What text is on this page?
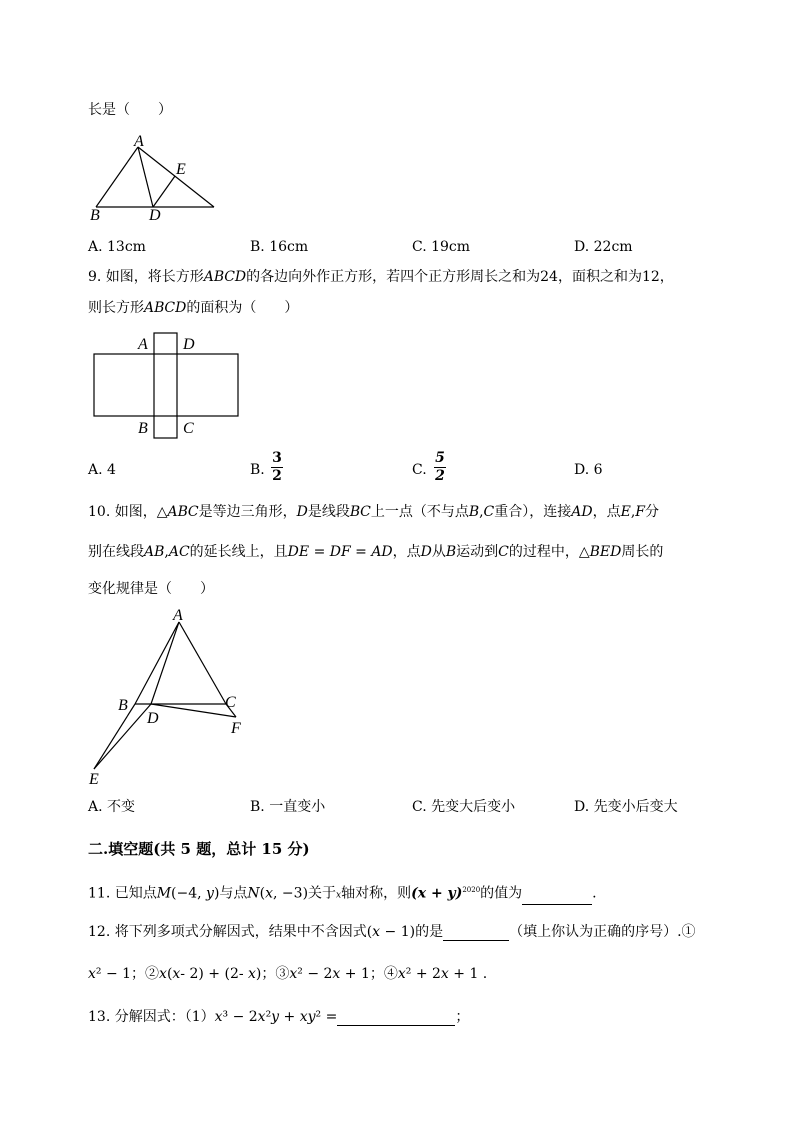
长是（　　）
A
B	D
E
A. 13cm	B. 16cm	C. 19cm	D. 22cm
9. 如图，将长方形𝐴𝐵𝐶𝐷的各边向外作正方形，若四个正方形周长之和为24，面积之和为12，
则长方形𝐴𝐵𝐶𝐷的面积为（　　）
A D
B C
A. 4	B.
3
2	C.
5
2	D. 6
10. 如图，△𝐴𝐵𝐶是等边三角形，𝐷是线段𝐵𝐶上一点（不与点𝐵,𝐶重合），连接𝐴𝐷，点𝐸,𝐹分
别在线段𝐴𝐵,𝐴𝐶的延长线上，且𝐷𝐸 = 𝐷𝐹 = 𝐴𝐷，点𝐷从𝐵运动到𝐶的过程中，△𝐵𝐸𝐷周长的
变化规律是（　　）
A
B	C
D
F
E
A. 不变	B. 一直变小	C. 先变大后变小	D. 先变小后变大
二.填空题(共 5 题，总计 15 分)
11. 已知点𝑀(−4, 𝑦)与点𝑁(𝑥, −3)关于x轴对称，则$(x + y)^{2020}$的值为	.
12. 将下列多项式分解因式，结果中不含因式(𝑥 − 1)的是	（填上你认为正确的序号）.①
𝑥² − 1；②𝑥(𝑥- 2) + (2- 𝑥)；③𝑥² − 2𝑥 + 1；④𝑥² + 2𝑥 + 1 .
13. 分解因式：（1）𝑥³ − 2𝑥²𝑦 + 𝑥𝑦² =	；
